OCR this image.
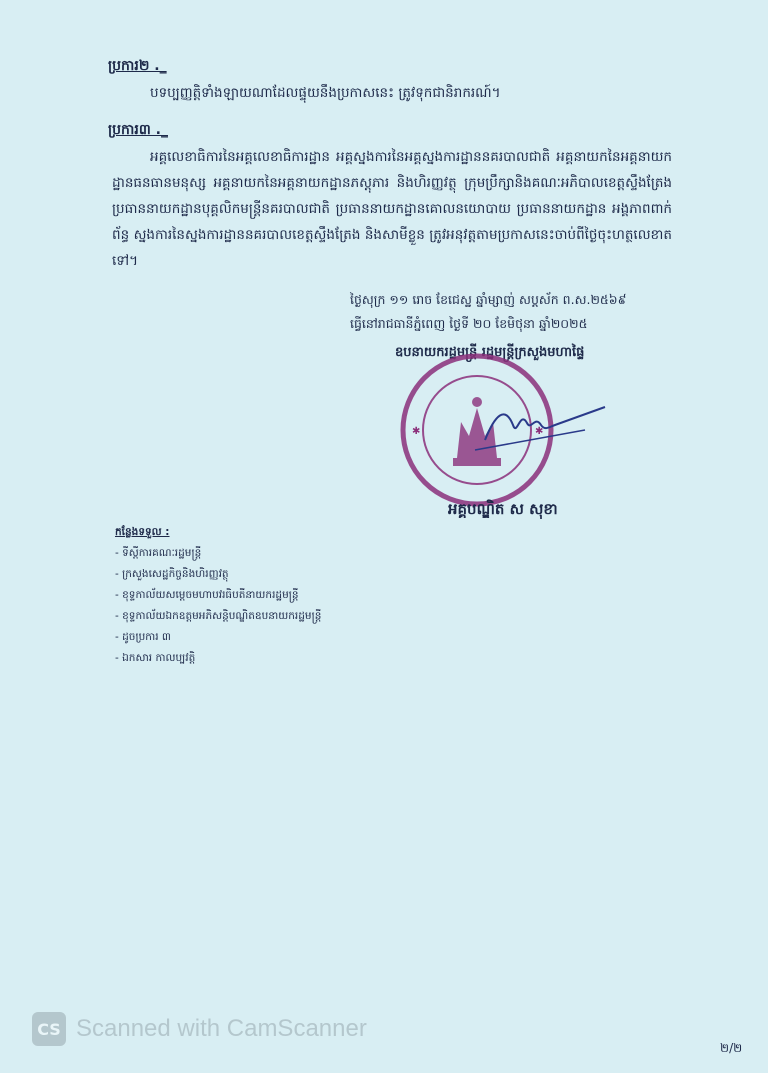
ប្រការ២ ._

បទប្បញ្ញត្តិទាំងឡាយណាដែលផ្ទុយនឹងប្រកាសនេះ ត្រូវទុកជានិរាករណ៍។

ប្រការ៣ ._

អគ្គលេខាធិការនៃអគ្គលេខាធិការដ្ឋាន អគ្គស្នងការនៃអគ្គស្នងការដ្ឋាននគរបាលជាតិ អគ្គនាយកនៃអគ្គនាយកដ្ឋានធនធានមនុស្ស អគ្គនាយកនៃអគ្គនាយកដ្ឋានភស្តុភារ និងហិរញ្ញវត្ថុ ក្រុមប្រឹក្សានិងគណៈអភិបាលខេត្តស្ទឹងត្រែង ប្រធាននាយកដ្ឋានបុគ្គលិកមន្ត្រីនគរបាលជាតិ ប្រធាននាយកដ្ឋានគោលនយោបាយ ប្រធាននាយកដ្ឋាន អង្គភាពពាក់ព័ន្ធ ស្នងការនៃស្នងការដ្ឋាននគរបាលខេត្តស្ទឹងត្រែង និងសាមីខ្លួន ត្រូវអនុវត្តតាមប្រកាសនេះចាប់ពីថ្ងៃចុះហត្ថលេខាតទៅ។

ថ្ងៃសុក្រ ១១ រោច ខែជេស្ឋ ឆ្នាំម្សាញ់ សប្តស័ក ព.ស.២៥៦៩
ធ្វើនៅរាជធានីភ្នំពេញ ថ្ងៃទី ២០ ខែមិថុនា ឆ្នាំ២០២៥
ឧបនាយករដ្ឋមន្ត្រី រដ្ឋមន្ត្រីក្រសួងមហាផ្ទៃ
✱	✱
អគ្គបណ្ឌិត ស សុខា
កន្លែងទទួល :
- ទីស្តីការគណៈរដ្ឋមន្ត្រី
- ក្រសួងសេដ្ឋកិច្ចនិងហិរញ្ញវត្ថុ
- ខុទ្ទកាល័យសម្តេចមហាបវរធិបតីនាយករដ្ឋមន្ត្រី
- ខុទ្ទកាល័យឯកឧត្តមអភិសន្តិបណ្ឌិតឧបនាយករដ្ឋមន្ត្រី
- ដូចប្រការ ៣
- ឯកសារ កាលប្បវត្តិ
CS Scanned with CamScanner
២/២
